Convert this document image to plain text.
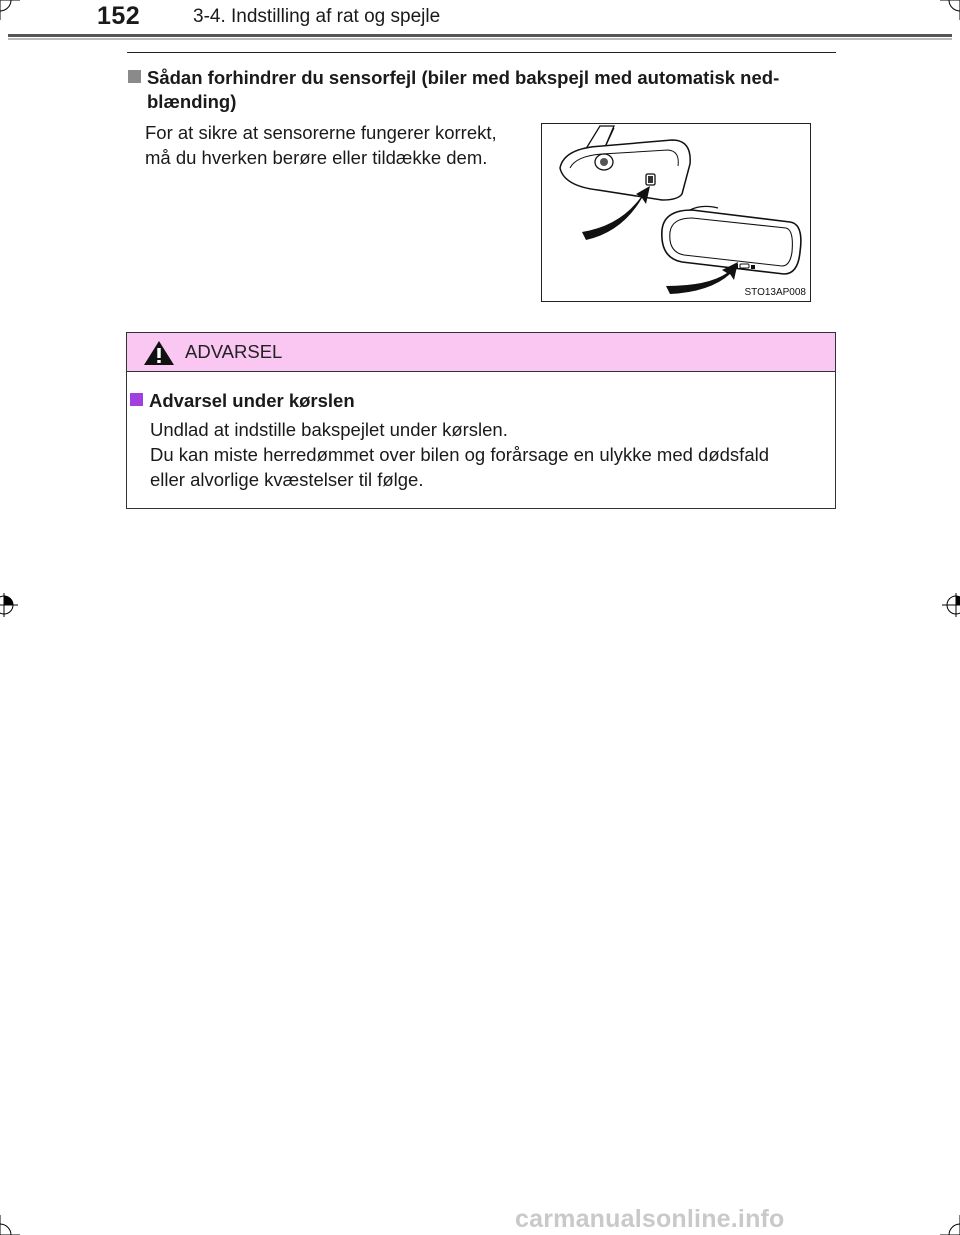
152	3-4. Indstilling af rat og spejle
Sådan forhindrer du sensorfejl (biler med bakspejl med automatisk ned-
blænding)
For at sikre at sensorerne fungerer korrekt,
må du hverken berøre eller tildække dem.
STO13AP008
ADVARSEL
Advarsel under kørslen
Undlad at indstille bakspejlet under kørslen.
Du kan miste herredømmet over bilen og forårsage en ulykke med dødsfald
eller alvorlige kvæstelser til følge.
carmanualsonline.info
